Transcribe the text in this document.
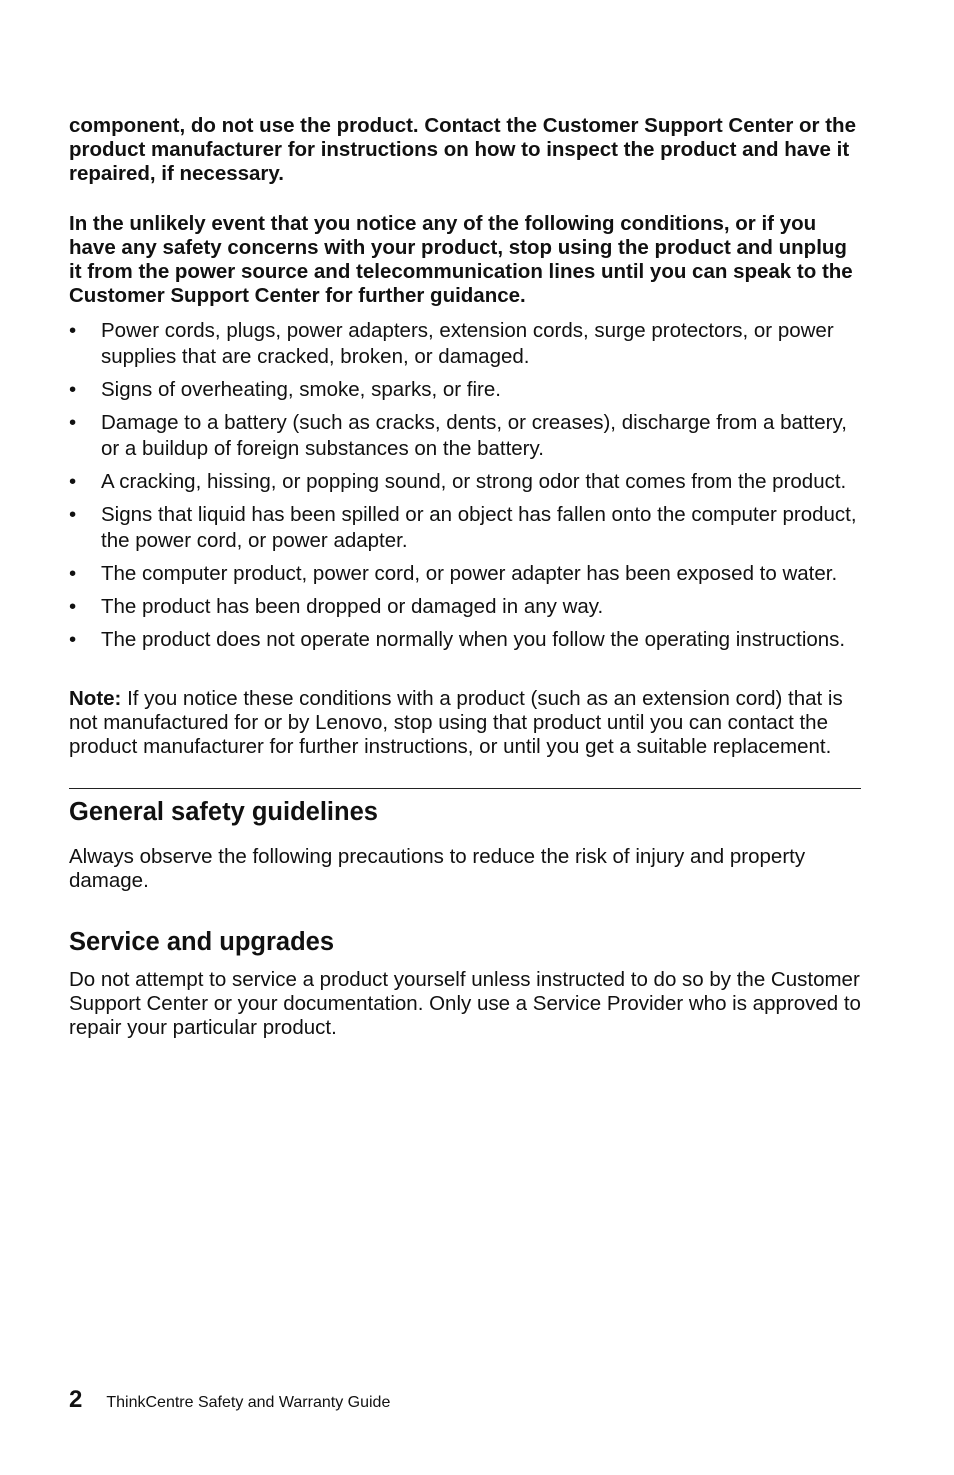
component, do not use the product. Contact the Customer Support Center or the product manufacturer for instructions on how to inspect the product and have it repaired, if necessary.

In the unlikely event that you notice any of the following conditions, or if you have any safety concerns with your product, stop using the product and unplug it from the power source and telecommunication lines until you can speak to the Customer Support Center for further guidance.

• Power cords, plugs, power adapters, extension cords, surge protectors, or power supplies that are cracked, broken, or damaged.
• Signs of overheating, smoke, sparks, or fire.
• Damage to a battery (such as cracks, dents, or creases), discharge from a battery, or a buildup of foreign substances on the battery.
• A cracking, hissing, or popping sound, or strong odor that comes from the product.
• Signs that liquid has been spilled or an object has fallen onto the computer product, the power cord, or power adapter.
• The computer product, power cord, or power adapter has been exposed to water.
• The product has been dropped or damaged in any way.
• The product does not operate normally when you follow the operating instructions.

Note: If you notice these conditions with a product (such as an extension cord) that is not manufactured for or by Lenovo, stop using that product until you can contact the product manufacturer for further instructions, or until you get a suitable replacement.

General safety guidelines

Always observe the following precautions to reduce the risk of injury and property damage.

Service and upgrades

Do not attempt to service a product yourself unless instructed to do so by the Customer Support Center or your documentation. Only use a Service Provider who is approved to repair your particular product.

2 ThinkCentre Safety and Warranty Guide
